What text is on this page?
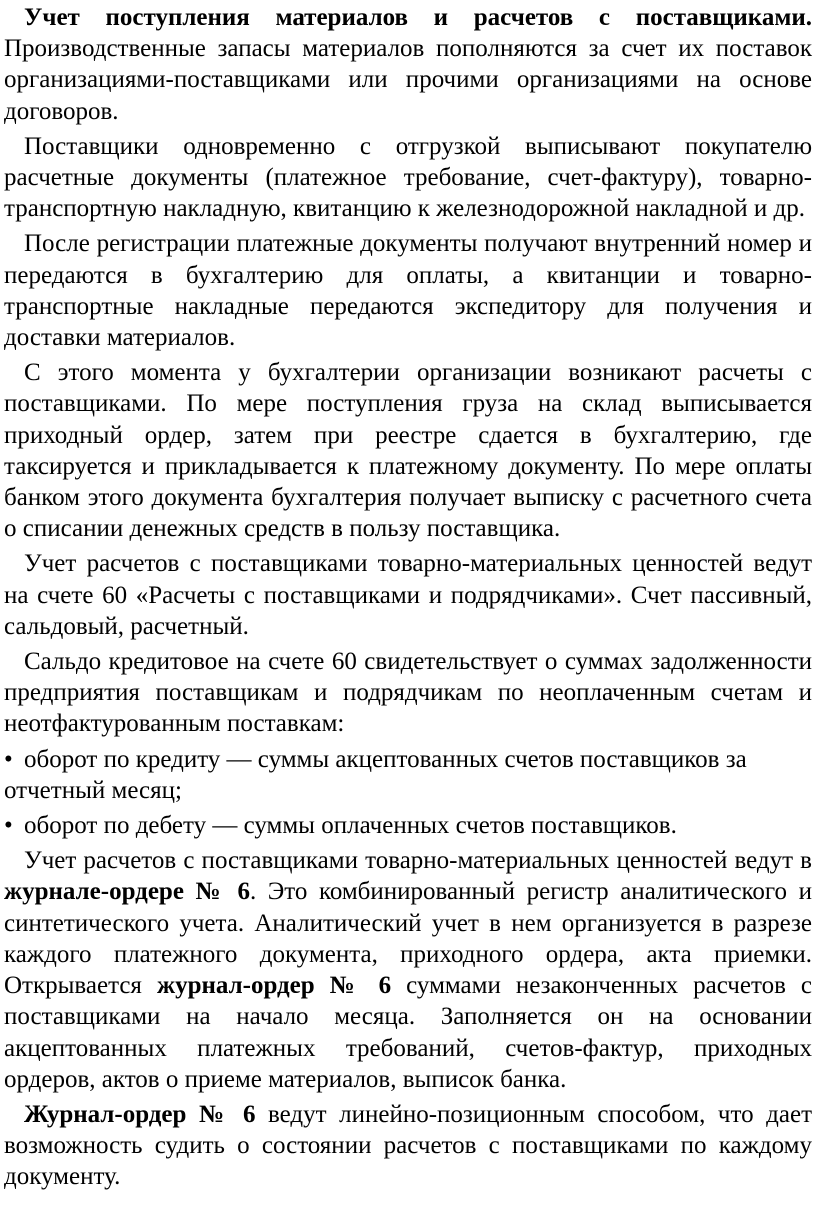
Учет поступления материалов и расчетов с поставщиками. Производственные запасы материалов пополняются за счет их поставок организациями-поставщиками или прочими организациями на основе договоров.

Поставщики одновременно с отгрузкой выписывают покупателю расчетные документы (платежное требование, счет-фактуру), товарно-транспортную накладную, квитанцию к железнодорожной накладной и др.

После регистрации платежные документы получают внутренний номер и передаются в бухгалтерию для оплаты, а квитанции и товарно-транспортные накладные передаются экспедитору для получения и доставки материалов.

С этого момента у бухгалтерии организации возникают расчеты с поставщиками. По мере поступления груза на склад выписывается приходный ордер, затем при реестре сдается в бухгалтерию, где таксируется и прикладывается к платежному документу. По мере оплаты банком этого документа бухгалтерия получает выписку с расчетного счета о списании денежных средств в пользу поставщика.

Учет расчетов с поставщиками товарно-материальных ценностей ведут на счете 60 «Расчеты с поставщиками и подрядчиками». Счет пассивный, сальдовый, расчетный.

Сальдо кредитовое на счете 60 свидетельствует о суммах задолженности предприятия поставщикам и подрядчикам по неоплаченным счетам и неотфактурованным поставкам:

• оборот по кредиту — суммы акцептованных счетов поставщиков за отчетный месяц;

• оборот по дебету — суммы оплаченных счетов поставщиков.

Учет расчетов с поставщиками товарно-материальных ценностей ведут в журнале-ордере № 6. Это комбинированный регистр аналитического и синтетического учета. Аналитический учет в нем организуется в разрезе каждого платежного документа, приходного ордера, акта приемки. Открывается журнал-ордер № 6 суммами незаконченных расчетов с поставщиками на начало месяца. Заполняется он на основании акцептованных платежных требований, счетов-фактур, приходных ордеров, актов о приеме материалов, выписок банка.

Журнал-ордер № 6 ведут линейно-позиционным способом, что дает возможность судить о состоянии расчетов с поставщиками по каждому документу.
